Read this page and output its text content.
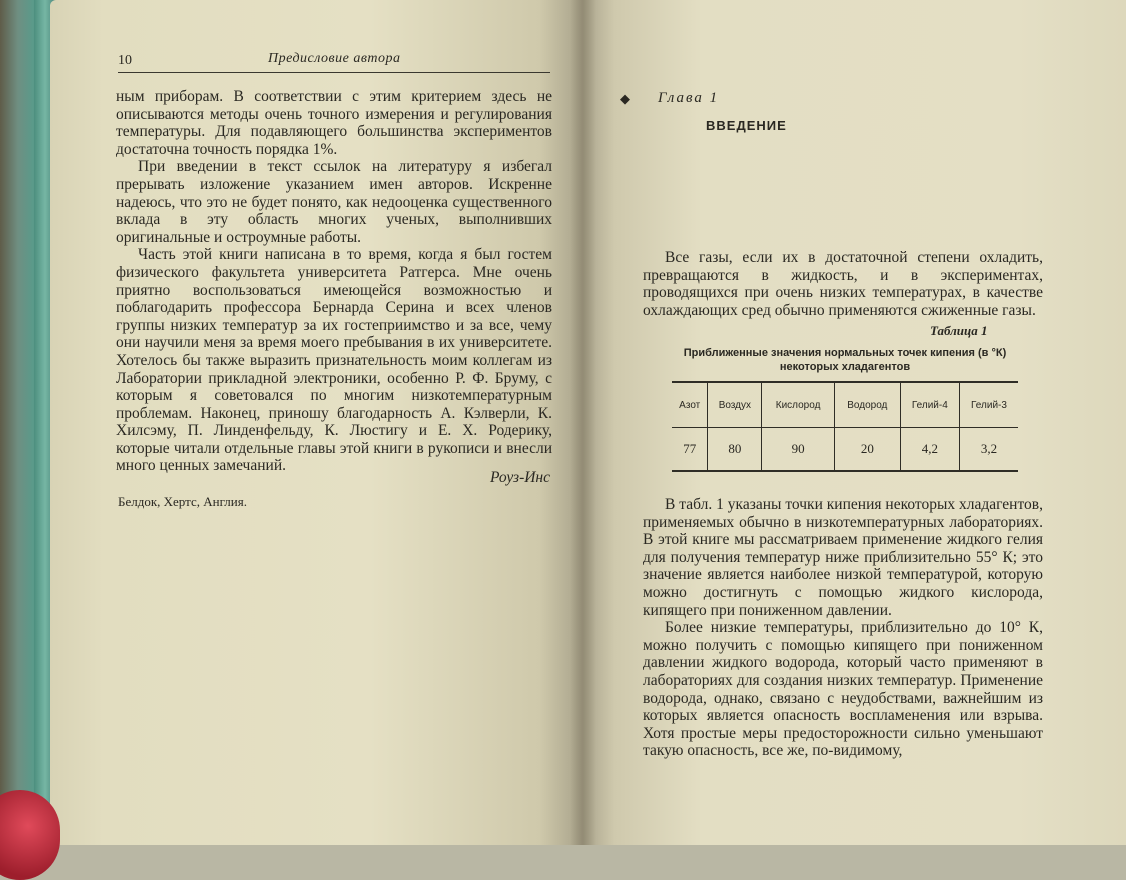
10	Предисловие автора

ным приборам. В соответствии с этим критерием здесь не описываются методы очень точного измерения и регулирования температуры. Для подавляющего большинства экспериментов достаточна точность порядка 1%.

При введении в текст ссылок на литературу я избегал прерывать изложение указанием имен авторов. Искренне надеюсь, что это не будет понято, как недооценка существенного вклада в эту область многих ученых, выполнивших оригинальные и остроумные работы.

Часть этой книги написана в то время, когда я был гостем физического факультета университета Ратгерса. Мне очень приятно воспользоваться имеющейся возможностью и поблагодарить профессора Бернарда Серина и всех членов группы низких температур за их гостеприимство и за все, чему они научили меня за время моего пребывания в их университете. Хотелось бы также выразить признательность моим коллегам из Лаборатории прикладной электроники, особенно Р. Ф. Бруму, с которым я советовался по многим низкотемпературным проблемам. Наконец, приношу благодарность А. Кэлверли, К. Хилсэму, П. Линденфельду, К. Люстигу и Е. Х. Родерику, которые читали отдельные главы этой книги в рукописи и внесли много ценных замечаний.

Роуз-Инс
Белдок, Хертс, Англия.
◆ Глава 1
ВВЕДЕНИЕ

Все газы, если их в достаточной степени охладить, превращаются в жидкость, и в экспериментах, проводящихся при очень низких температурах, в качестве охлаждающих сред обычно применяются сжиженные газы.

Таблица 1
Приближенные значения нормальных точек кипения (в °К) некоторых хладагентов
Азот	Воздух	Кислород	Водород	Гелий-4	Гелий-3
77	80	90	20	4,2	3,2

В табл. 1 указаны точки кипения некоторых хладагентов, применяемых обычно в низкотемпературных лабораториях. В этой книге мы рассматриваем применение жидкого гелия для получения температур ниже приблизительно 55° К; это значение является наиболее низкой температурой, которую можно достигнуть с помощью жидкого кислорода, кипящего при пониженном давлении.

Более низкие температуры, приблизительно до 10° К, можно получить с помощью кипящего при пониженном давлении жидкого водорода, который часто применяют в лабораториях для создания низких температур. Применение водорода, однако, связано с неудобствами, важнейшим из которых является опасность воспламенения или взрыва. Хотя простые меры предосторожности сильно уменьшают такую опасность, все же, по-видимому,
